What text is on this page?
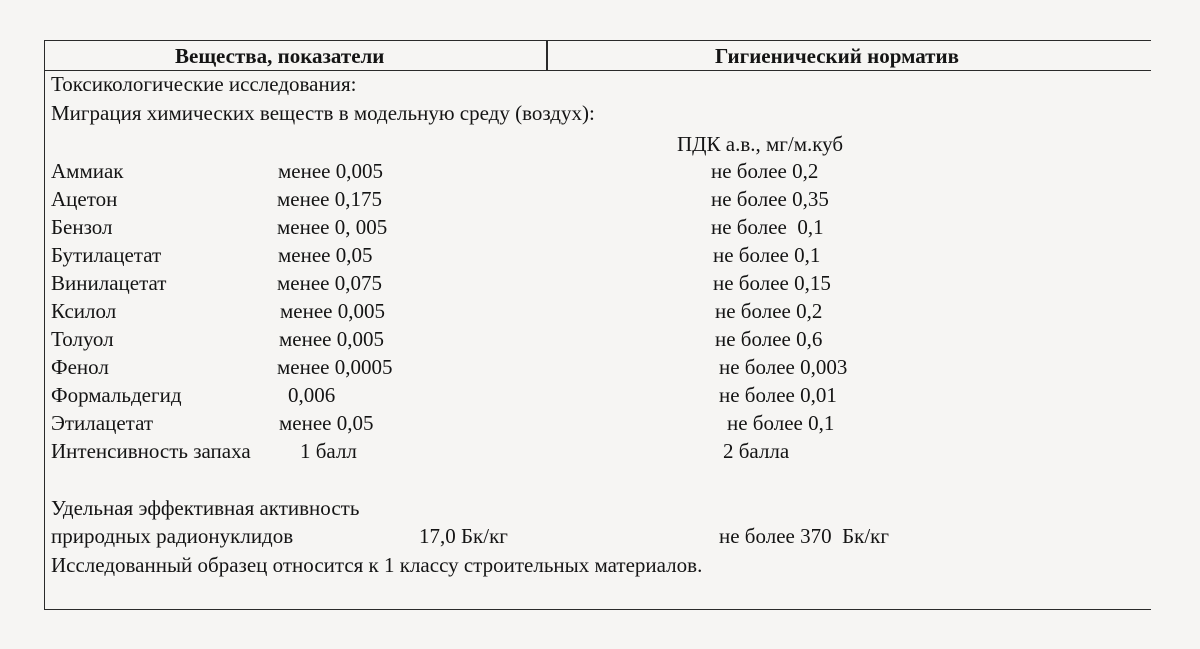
Вещества, показатели	Гигиенический норматив
Токсикологические исследования:
Миграция химических веществ в модельную среду (воздух):
ПДК а.в., мг/м.куб
Аммиак	менее 0,005	не более 0,2
Ацетон	менее 0,175	не более 0,35
Бензол	менее 0, 005	не более  0,1
Бутилацетат	менее 0,05	не более 0,1
Винилацетат	менее 0,075	не более 0,15
Ксилол	менее 0,005	не более 0,2
Толуол	менее 0,005	не более 0,6
Фенол	менее 0,0005	не более 0,003
Формальдегид	0,006	не более 0,01
Этилацетат	менее 0,05	не более 0,1
Интенсивность запаха 1 балл	2 балла
Удельная эффективная активность
природных радионуклидов	17,0 Бк/кг	не более 370  Бк/кг
Исследованный образец относится к 1 классу строительных материалов.
